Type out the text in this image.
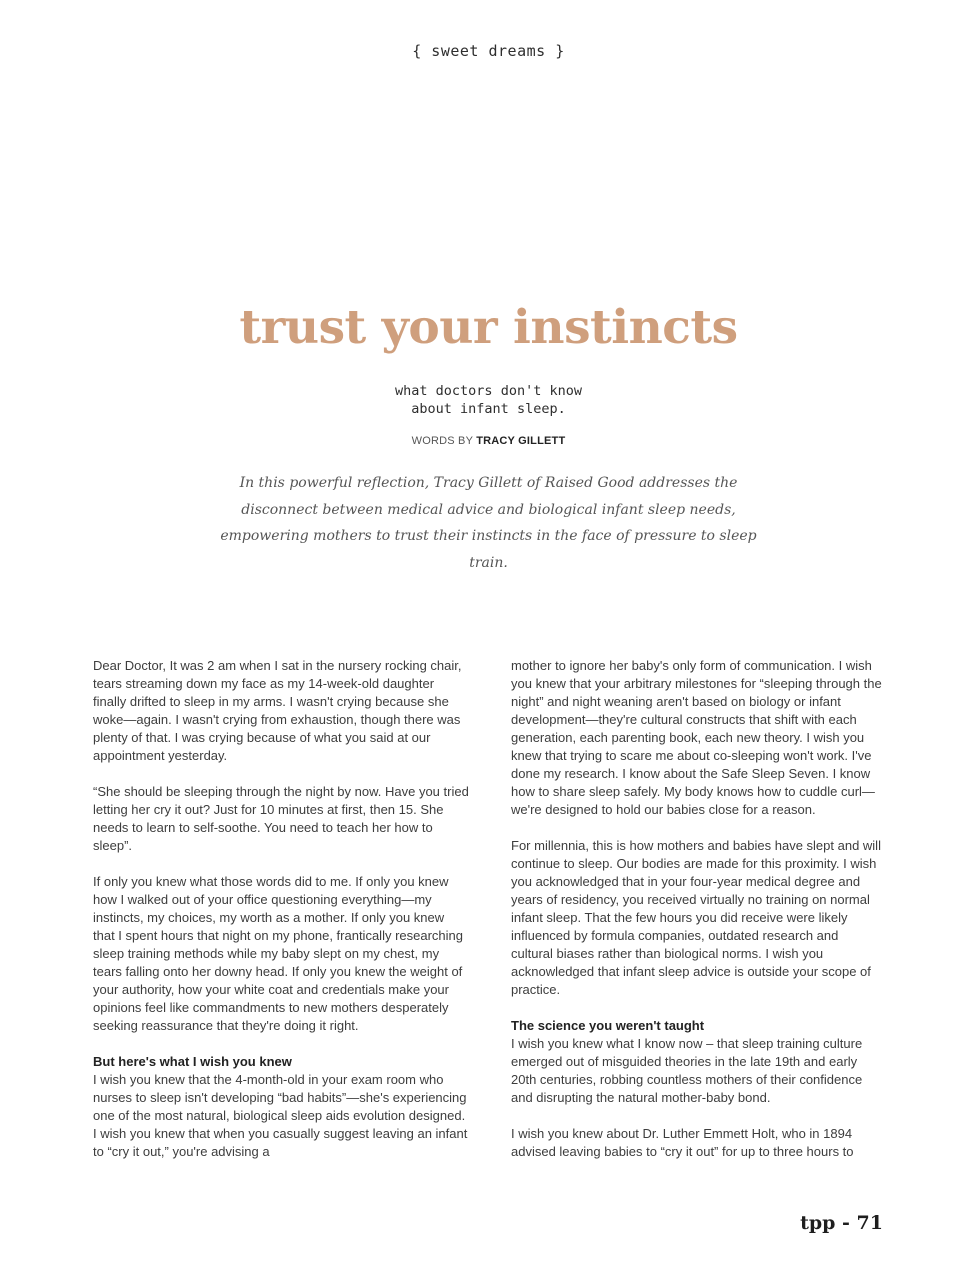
{ sweet dreams }
trust your instincts
what doctors don't know
about infant sleep.
WORDS BY TRACY GILLETT
In this powerful reflection, Tracy Gillett of Raised Good addresses the disconnect between medical advice and biological infant sleep needs, empowering mothers to trust their instincts in the face of pressure to sleep train.

Dear Doctor, It was 2 am when I sat in the nursery rocking chair, tears streaming down my face as my 14-week-old daughter finally drifted to sleep in my arms. I wasn't crying because she woke—again. I wasn't crying from exhaustion, though there was plenty of that. I was crying because of what you said at our appointment yesterday.

“She should be sleeping through the night by now. Have you tried letting her cry it out? Just for 10 minutes at first, then 15. She needs to learn to self-soothe. You need to teach her how to sleep”.

If only you knew what those words did to me. If only you knew how I walked out of your office questioning everything—my instincts, my choices, my worth as a mother. If only you knew that I spent hours that night on my phone, frantically researching sleep training methods while my baby slept on my chest, my tears falling onto her downy head. If only you knew the weight of your authority, how your white coat and credentials make your opinions feel like commandments to new mothers desperately seeking reassurance that they're doing it right.

But here's what I wish you knew

I wish you knew that the 4-month-old in your exam room who nurses to sleep isn't developing “bad habits”—she's experiencing one of the most natural, biological sleep aids evolution designed. I wish you knew that when you casually suggest leaving an infant to “cry it out,” you're advising a

mother to ignore her baby's only form of communication. I wish you knew that your arbitrary milestones for “sleeping through the night” and night weaning aren't based on biology or infant development—they're cultural constructs that shift with each generation, each parenting book, each new theory. I wish you knew that trying to scare me about co-sleeping won't work. I've done my research. I know about the Safe Sleep Seven. I know how to share sleep safely. My body knows how to cuddle curl—we're designed to hold our babies close for a reason.

For millennia, this is how mothers and babies have slept and will continue to sleep. Our bodies are made for this proximity. I wish you acknowledged that in your four-year medical degree and years of residency, you received virtually no training on normal infant sleep. That the few hours you did receive were likely influenced by formula companies, outdated research and cultural biases rather than biological norms. I wish you acknowledged that infant sleep advice is outside your scope of practice.

The science you weren't taught

I wish you knew what I know now – that sleep training culture emerged out of misguided theories in the late 19th and early 20th centuries, robbing countless mothers of their confidence and disrupting the natural mother-baby bond.

I wish you knew about Dr. Luther Emmett Holt, who in 1894 advised leaving babies to “cry it out” for up to three hours to

tpp - 71
